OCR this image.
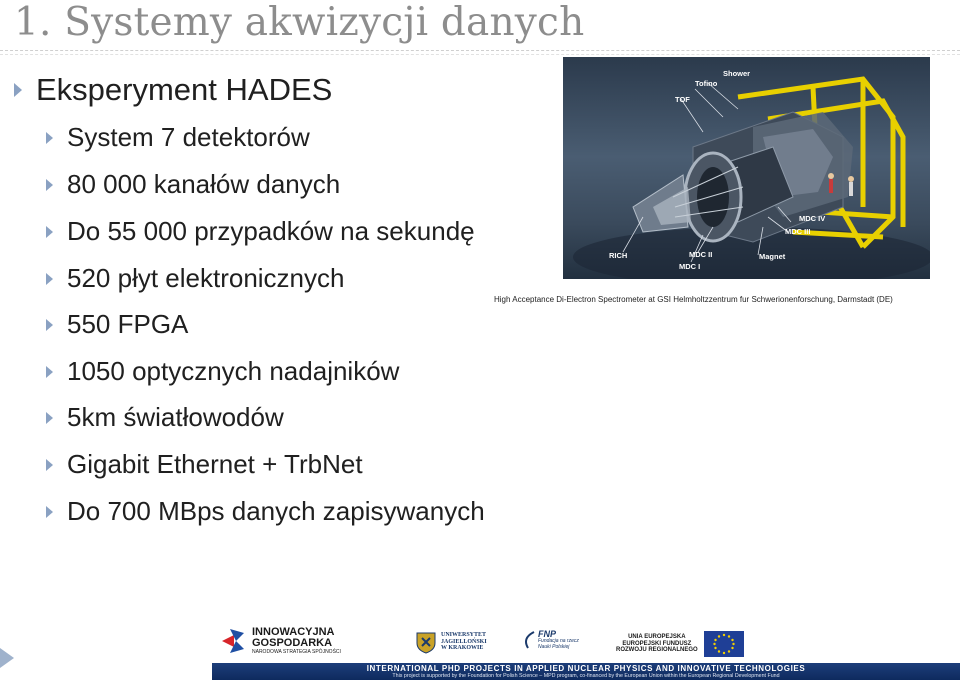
1. Systemy akwizycji danych
Eksperyment HADES
System 7 detektorów
80 000 kanałów danych
Do 55 000 przypadków na sekundę
520 płyt elektronicznych
550 FPGA
1050 optycznych nadajników
5km światłowodów
Gigabit Ethernet + TrbNet
Do 700 MBps danych zapisywanych
Shower
Tofino
TOF
MDC IV
MDC III
RICH	MDC II
MDC I
Magnet
High Acceptance Di-Electron Spectrometer at GSI Helmholtzzentrum fur Schwerionenforschung, Darmstadt (DE)
INNOWACYJNA
GOSPODARKA
NARODOWA STRATEGIA SPÓJNOŚCI
UNIWERSYTET
JAGIELLOŃSKI
W KRAKOWIE
FNP
Fundacja na rzecz
Nauki Polskiej
UNIA EUROPEJSKA
EUROPEJSKI FUNDUSZ
ROZWOJU REGIONALNEGO
INTERNATIONAL PHD PROJECTS IN APPLIED NUCLEAR PHYSICS AND INNOVATIVE TECHNOLOGIES
This project is supported by the Foundation for Polish Science – MPD program, co-financed by the European Union within the European Regional Development Fund
